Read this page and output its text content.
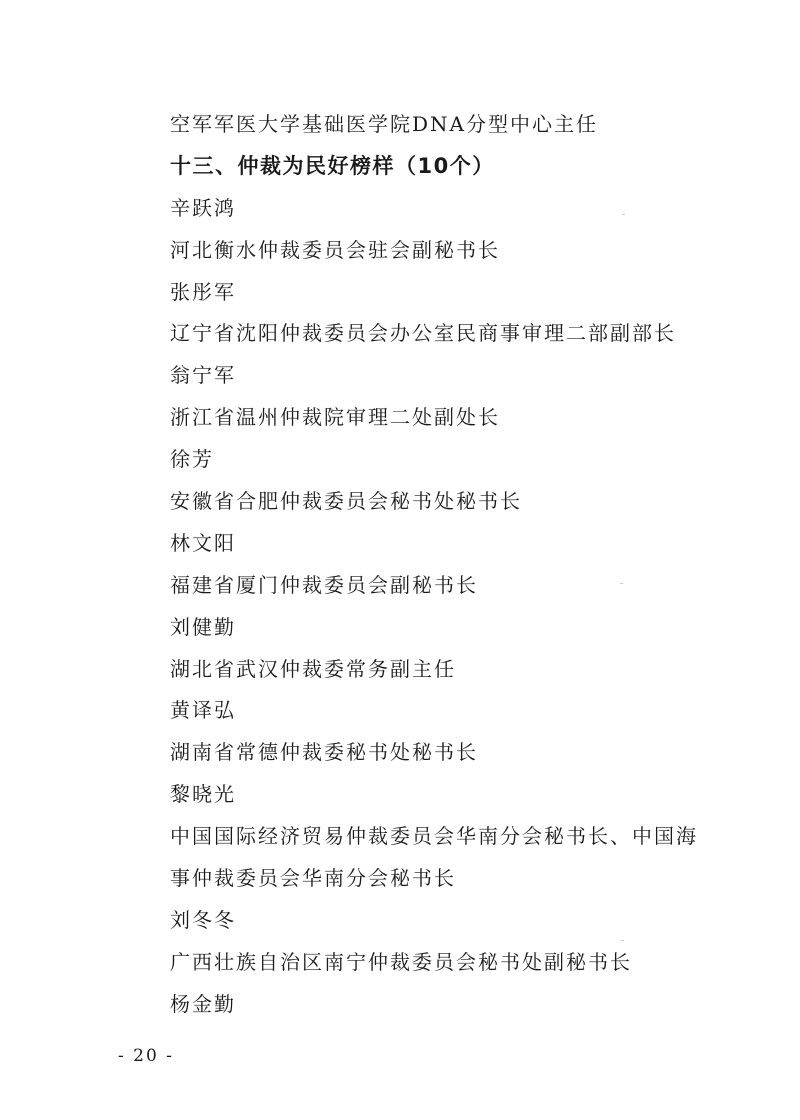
空军军医大学基础医学院DNA分型中心主任
十三、仲裁为民好榜样（10个）
辛跃鸿
河北衡水仲裁委员会驻会副秘书长
张彤军
辽宁省沈阳仲裁委员会办公室民商事审理二部副部长
翁宁军
浙江省温州仲裁院审理二处副处长
徐芳
安徽省合肥仲裁委员会秘书处秘书长
林文阳
福建省厦门仲裁委员会副秘书长
刘健勤
湖北省武汉仲裁委常务副主任
黄译弘
湖南省常德仲裁委秘书处秘书长
黎晓光
中国国际经济贸易仲裁委员会华南分会秘书长、中国海
事仲裁委员会华南分会秘书长
刘冬冬
广西壮族自治区南宁仲裁委员会秘书处副秘书长
杨金勤
- 20 -
